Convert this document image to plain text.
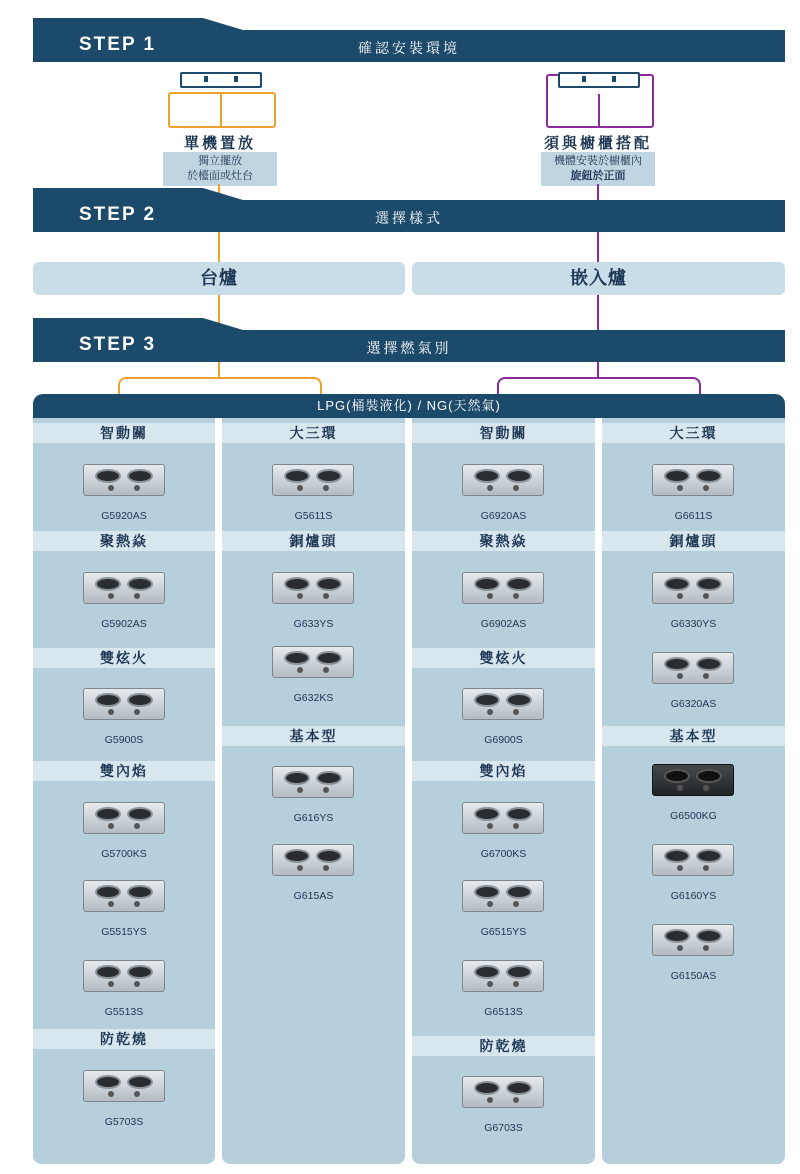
STEP 1	確認安裝環境
單機置放	須與櫥櫃搭配
獨立擺放
於檯面或灶台
機體安裝於櫥櫃內
旋鈕於正面
STEP 2	選擇樣式
台爐	嵌入爐
STEP 3	選擇燃氣別
LPG(桶裝液化) / NG(天然氣)
智動關
G5920AS
聚熱焱
G5902AS
雙炫火
G5900S
雙內焰
G5700KS
G5515YS
G5513S
防乾燒
G5703S
大三環
G5611S
銅爐頭
G633YS
G632KS
基本型
G616YS
G615AS
智動關
G6920AS
聚熱焱
G6902AS
雙炫火
G6900S
雙內焰
G6700KS
G6515YS
G6513S
防乾燒
G6703S
大三環
G6611S
銅爐頭
G6330YS
G6320AS
基本型
G6500KG
G6160YS
G6150AS
